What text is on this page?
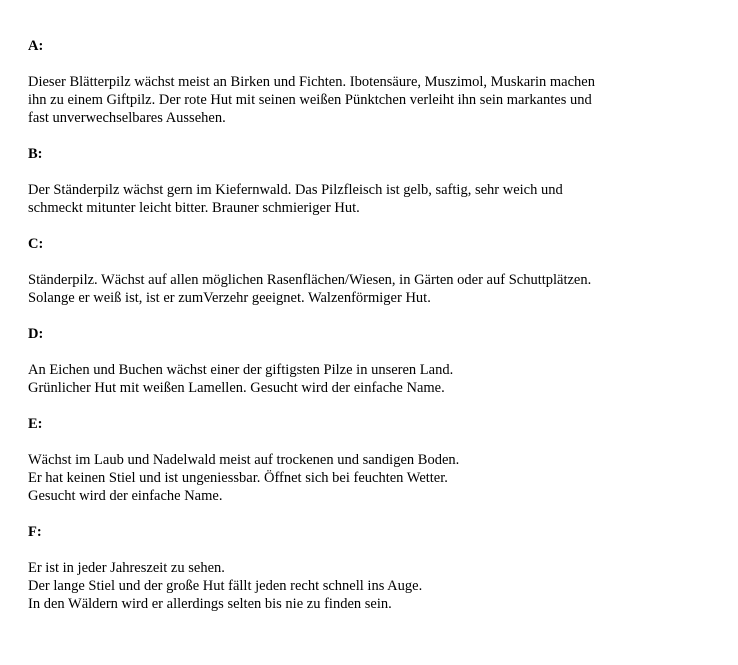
A:
Dieser Blätterpilz wächst meist an Birken und Fichten. Ibotensäure, Muszimol, Muskarin machen
ihn zu einem Giftpilz. Der rote Hut mit seinen weißen Pünktchen verleiht ihn sein markantes und
fast unverwechselbares Aussehen.
B:
Der Ständerpilz wächst gern im Kiefernwald. Das Pilzfleisch ist gelb, saftig, sehr weich und
schmeckt mitunter leicht bitter. Brauner schmieriger Hut.
C:
Ständerpilz. Wächst auf allen möglichen Rasenflächen/Wiesen, in Gärten oder auf Schuttplätzen.
Solange er weiß ist, ist er zumVerzehr geeignet. Walzenförmiger Hut.
D:
An Eichen und Buchen wächst einer der giftigsten Pilze in unseren Land.
Grünlicher Hut mit weißen Lamellen. Gesucht wird der einfache Name.
E:
Wächst im Laub und Nadelwald meist auf trockenen und sandigen Boden.
Er hat keinen Stiel und ist ungeniessbar. Öffnet sich bei feuchten Wetter.
Gesucht wird der einfache Name.
F:
Er ist in jeder Jahreszeit zu sehen.
Der lange Stiel und der große Hut fällt jeden recht schnell ins Auge.
In den Wäldern wird er allerdings selten bis nie zu finden sein.
